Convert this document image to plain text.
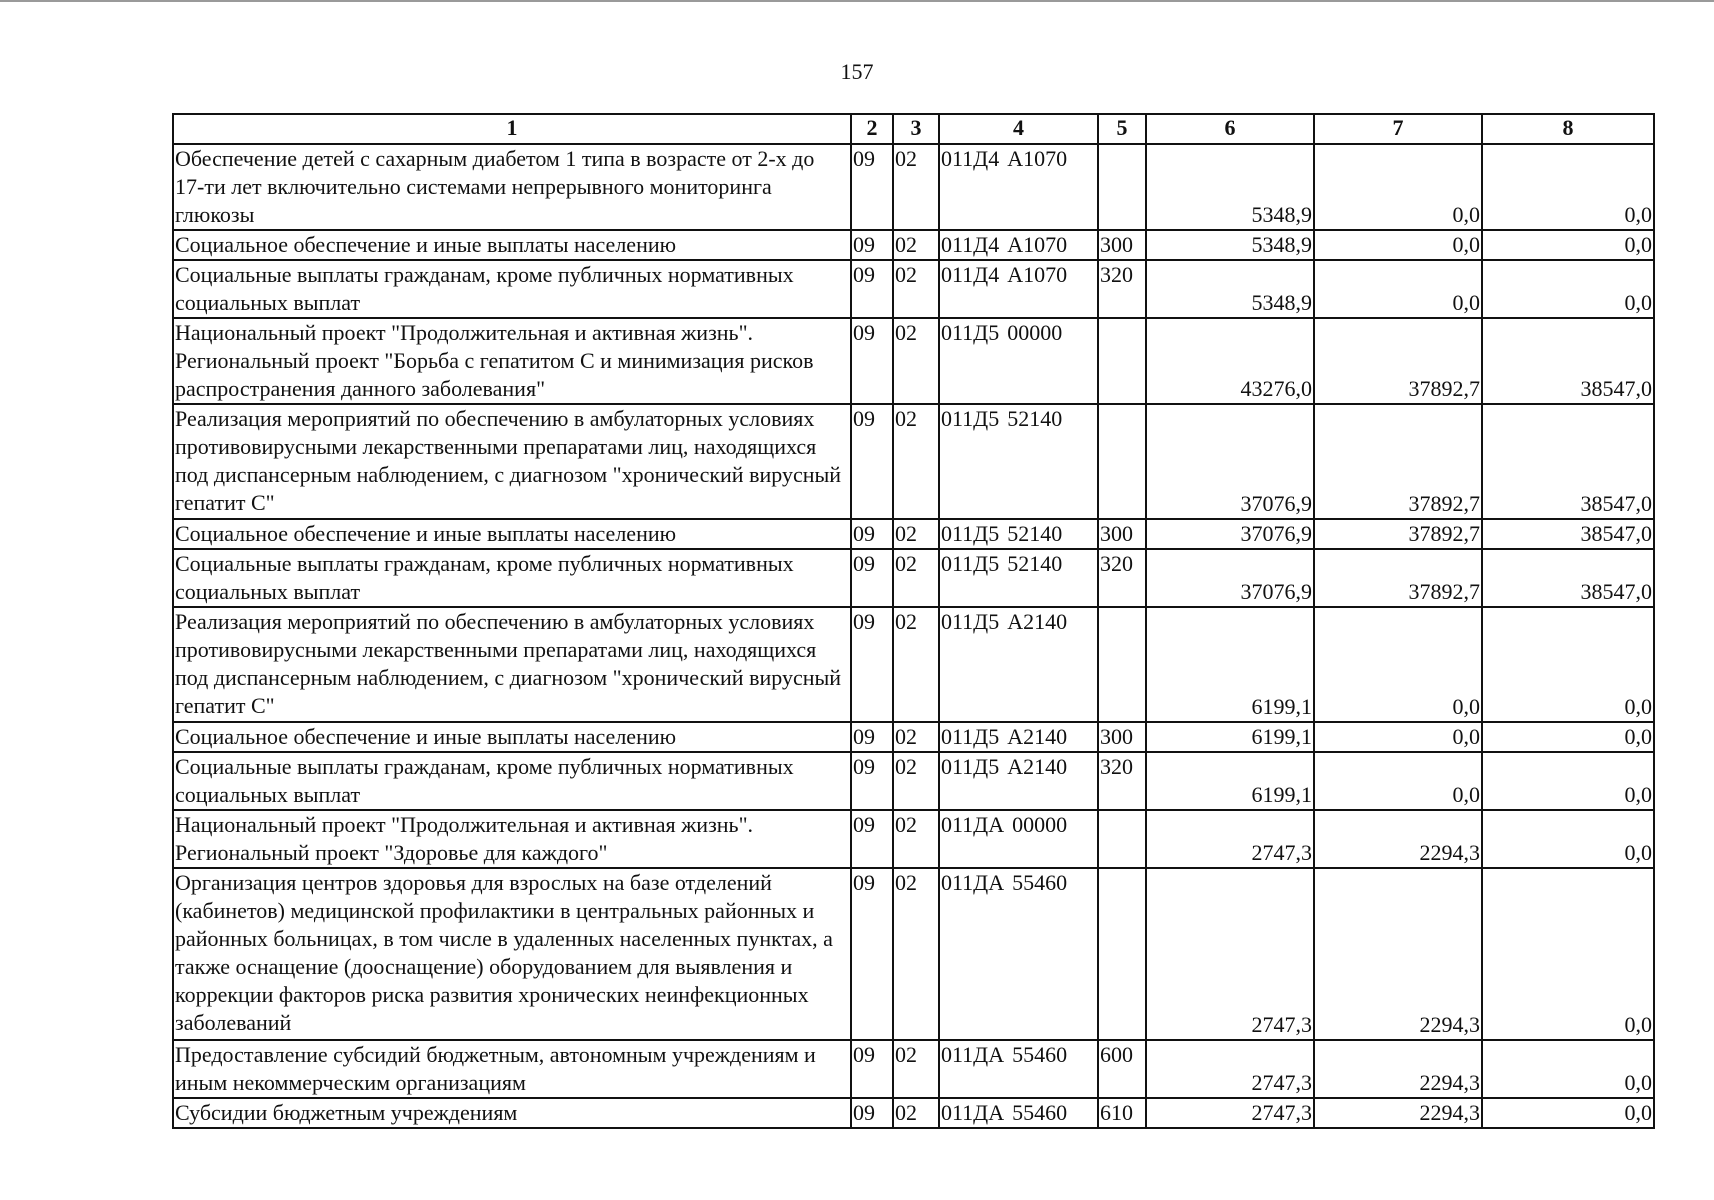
157
1	2	3	4	5	6	7	8
Обеспечение детей с сахарным диабетом 1 типа в возрасте от 2-х до 17-ти лет включительно системами непрерывного мониторинга глюкозы	09	02	011Д4 А1070		5348,9	0,0	0,0
Социальное обеспечение и иные выплаты населению	09	02	011Д4 А1070	300	5348,9	0,0	0,0
Социальные выплаты гражданам, кроме публичных нормативных социальных выплат	09	02	011Д4 А1070	320	5348,9	0,0	0,0
Национальный проект "Продолжительная и активная жизнь". Региональный проект "Борьба с гепатитом С и минимизация рисков распространения данного заболевания"	09	02	011Д5 00000		43276,0	37892,7	38547,0
Реализация мероприятий по обеспечению в амбулаторных условиях противовирусными лекарственными препаратами лиц, находящихся под диспансерным наблюдением, с диагнозом "хронический вирусный гепатит С"	09	02	011Д5 52140		37076,9	37892,7	38547,0
Социальное обеспечение и иные выплаты населению	09	02	011Д5 52140	300	37076,9	37892,7	38547,0
Социальные выплаты гражданам, кроме публичных нормативных социальных выплат	09	02	011Д5 52140	320	37076,9	37892,7	38547,0
Реализация мероприятий по обеспечению в амбулаторных условиях противовирусными лекарственными препаратами лиц, находящихся под диспансерным наблюдением, с диагнозом "хронический вирусный гепатит С"	09	02	011Д5 А2140		6199,1	0,0	0,0
Социальное обеспечение и иные выплаты населению	09	02	011Д5 А2140	300	6199,1	0,0	0,0
Социальные выплаты гражданам, кроме публичных нормативных социальных выплат	09	02	011Д5 А2140	320	6199,1	0,0	0,0
Национальный проект "Продолжительная и активная жизнь". Региональный проект "Здоровье для каждого"	09	02	011ДА 00000		2747,3	2294,3	0,0
Организация центров здоровья для взрослых на базе отделений (кабинетов) медицинской профилактики в центральных районных и районных больницах, в том числе в удаленных населенных пунктах, а также оснащение (дооснащение) оборудованием для выявления и коррекции факторов риска развития хронических неинфекционных заболеваний	09	02	011ДА 55460		2747,3	2294,3	0,0
Предоставление субсидий бюджетным, автономным учреждениям и иным некоммерческим организациям	09	02	011ДА 55460	600	2747,3	2294,3	0,0
Субсидии бюджетным учреждениям	09	02	011ДА 55460	610	2747,3	2294,3	0,0
